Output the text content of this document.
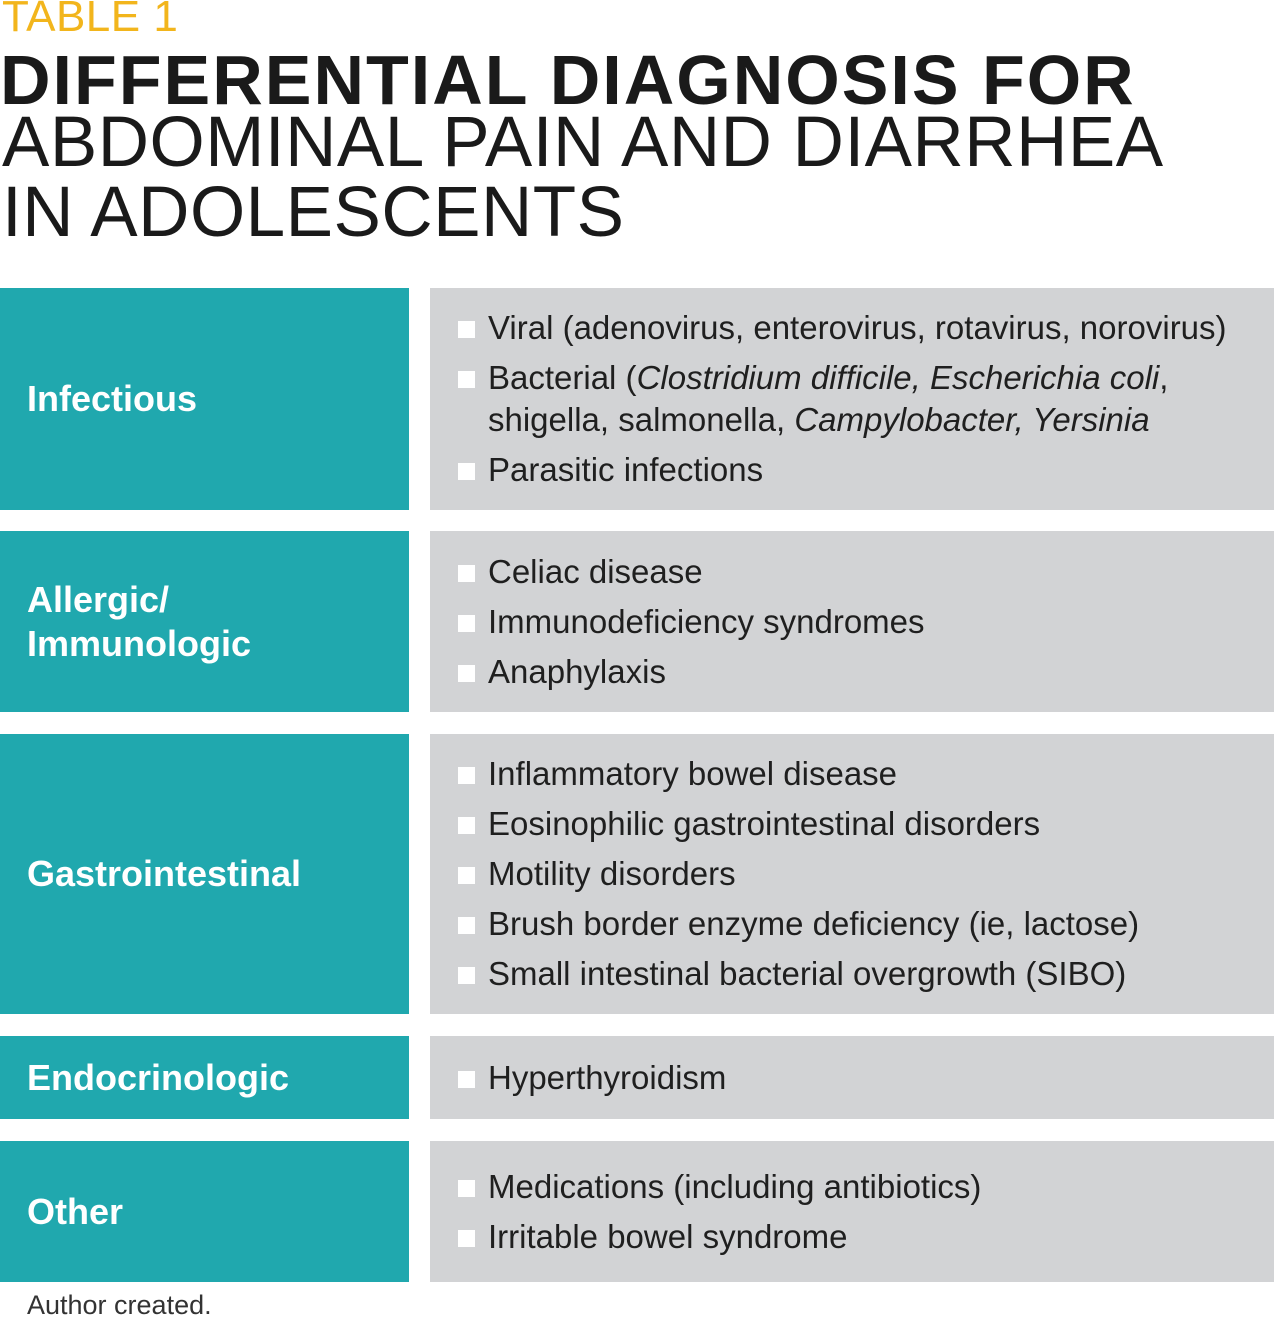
TABLE 1
DIFFERENTIAL DIAGNOSIS FOR
ABDOMINAL PAIN AND DIARRHEA IN ADOLESCENTS
Infectious
Viral (adenovirus, enterovirus, rotavirus, norovirus)
Bacterial (Clostridium difficile, Escherichia coli, shigella, salmonella, Campylobacter, Yersinia
Parasitic infections
Allergic/
Immunologic
Celiac disease
Immunodeficiency syndromes
Anaphylaxis
Gastrointestinal
Inflammatory bowel disease
Eosinophilic gastrointestinal disorders
Motility disorders
Brush border enzyme deficiency (ie, lactose)
Small intestinal bacterial overgrowth (SIBO)
Endocrinologic	Hyperthyroidism
Other
Medications (including antibiotics)
Irritable bowel syndrome
Author created.
